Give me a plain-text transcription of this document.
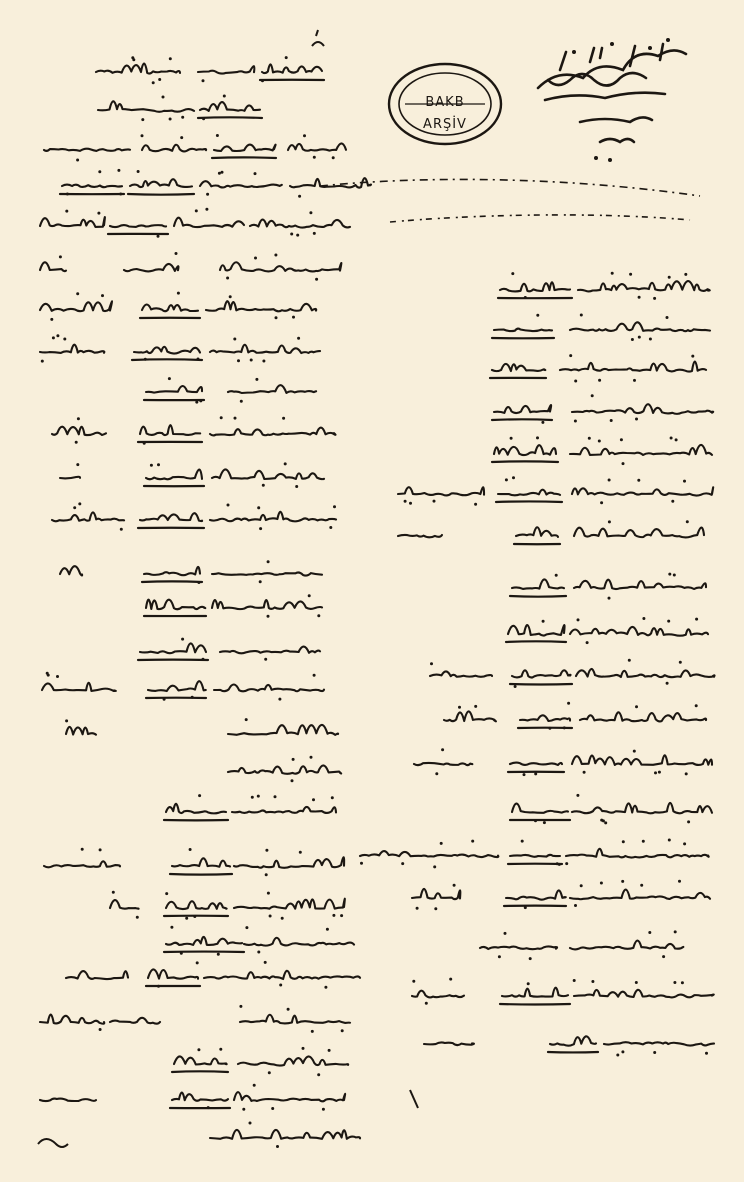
BAKB
ARŞİV
